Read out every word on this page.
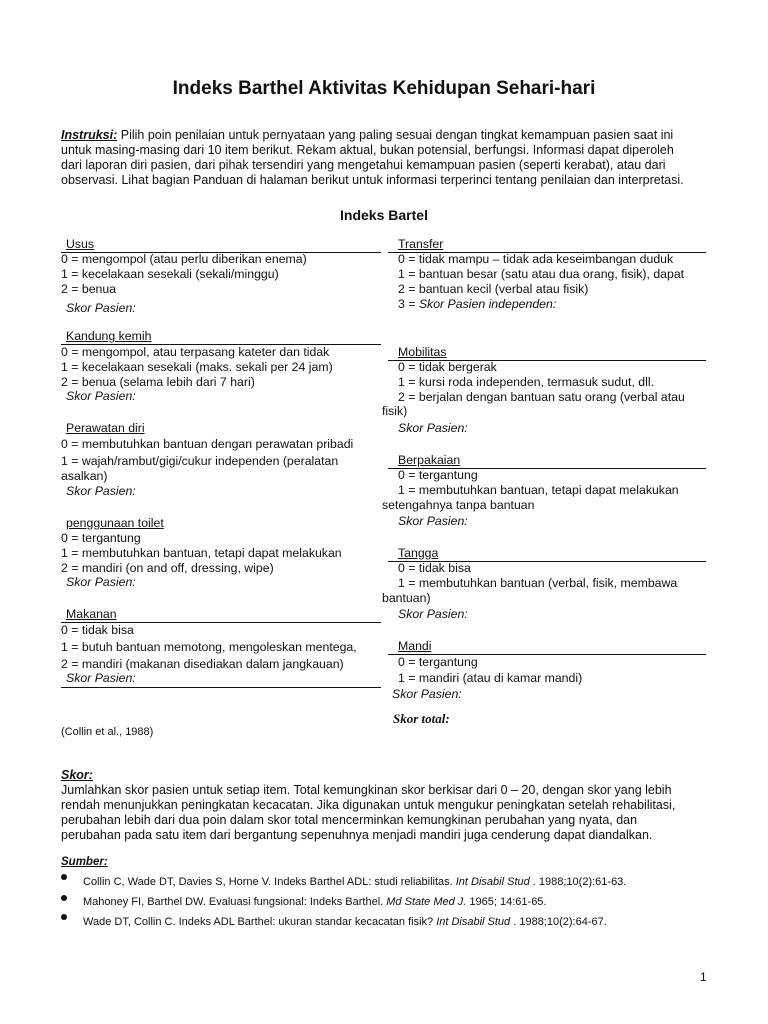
Indeks Barthel Aktivitas Kehidupan Sehari-hari
Instruksi: Pilih poin penilaian untuk pernyataan yang paling sesuai dengan tingkat kemampuan pasien saat ini
untuk masing-masing dari 10 item berikut. Rekam aktual, bukan potensial, berfungsi. Informasi dapat diperoleh
dari laporan diri pasien, dari pihak tersendiri yang mengetahui kemampuan pasien (seperti kerabat), atau dari
observasi. Lihat bagian Panduan di halaman berikut untuk informasi terperinci tentang penilaian dan interpretasi.
Indeks Bartel
Usus
0 = mengompol (atau perlu diberikan enema)
1 = kecelakaan sesekali (sekali/minggu)
2 = benua
Skor Pasien:
Kandung kemih
0 = mengompol, atau terpasang kateter dan tidak
1 = kecelakaan sesekali (maks. sekali per 24 jam)
2 = benua (selama lebih dari 7 hari)
Skor Pasien:
Perawatan diri
0 = membutuhkan bantuan dengan perawatan pribadi
1 = wajah/rambut/gigi/cukur independen (peralatan
asalkan)
Skor Pasien:
penggunaan toilet
0 = tergantung
1 = membutuhkan bantuan, tetapi dapat melakukan
2 = mandiri (on and off, dressing, wipe)
Skor Pasien:
Makanan
0 = tidak bisa
1 = butuh bantuan memotong, mengoleskan mentega,
2 = mandiri (makanan disediakan dalam jangkauan)
Skor Pasien:
Transfer
0 = tidak mampu – tidak ada keseimbangan duduk
1 = bantuan besar (satu atau dua orang, fisik), dapat
2 = bantuan kecil (verbal atau fisik)
3 = Skor Pasien independen:
Mobilitas
0 = tidak bergerak
1 = kursi roda independen, termasuk sudut, dll.
2 = berjalan dengan bantuan satu orang (verbal atau
fisik)
Skor Pasien:
Berpakaian
0 = tergantung
1 = membutuhkan bantuan, tetapi dapat melakukan
setengahnya tanpa bantuan
Skor Pasien:
Tangga
0 = tidak bisa
1 = membutuhkan bantuan (verbal, fisik, membawa
bantuan)
Skor Pasien:
Mandi
0 = tergantung
1 = mandiri (atau di kamar mandi)
Skor Pasien:
Skor total:
(Collin et al., 1988)
Skor:
Jumlahkan skor pasien untuk setiap item. Total kemungkinan skor berkisar dari 0 – 20, dengan skor yang lebih
rendah menunjukkan peningkatan kecacatan. Jika digunakan untuk mengukur peningkatan setelah rehabilitasi,
perubahan lebih dari dua poin dalam skor total mencerminkan kemungkinan perubahan yang nyata, dan
perubahan pada satu item dari bergantung sepenuhnya menjadi mandiri juga cenderung dapat diandalkan.
Sumber:
Collin C, Wade DT, Davies S, Horne V. Indeks Barthel ADL: studi reliabilitas. Int Disabil Stud . 1988;10(2):61-63.
Mahoney FI, Barthel DW. Evaluasi fungsional: Indeks Barthel. Md State Med J. 1965; 14:61-65.
Wade DT, Collin C. Indeks ADL Barthel: ukuran standar kecacatan fisik? Int Disabil Stud . 1988;10(2):64-67.
1
